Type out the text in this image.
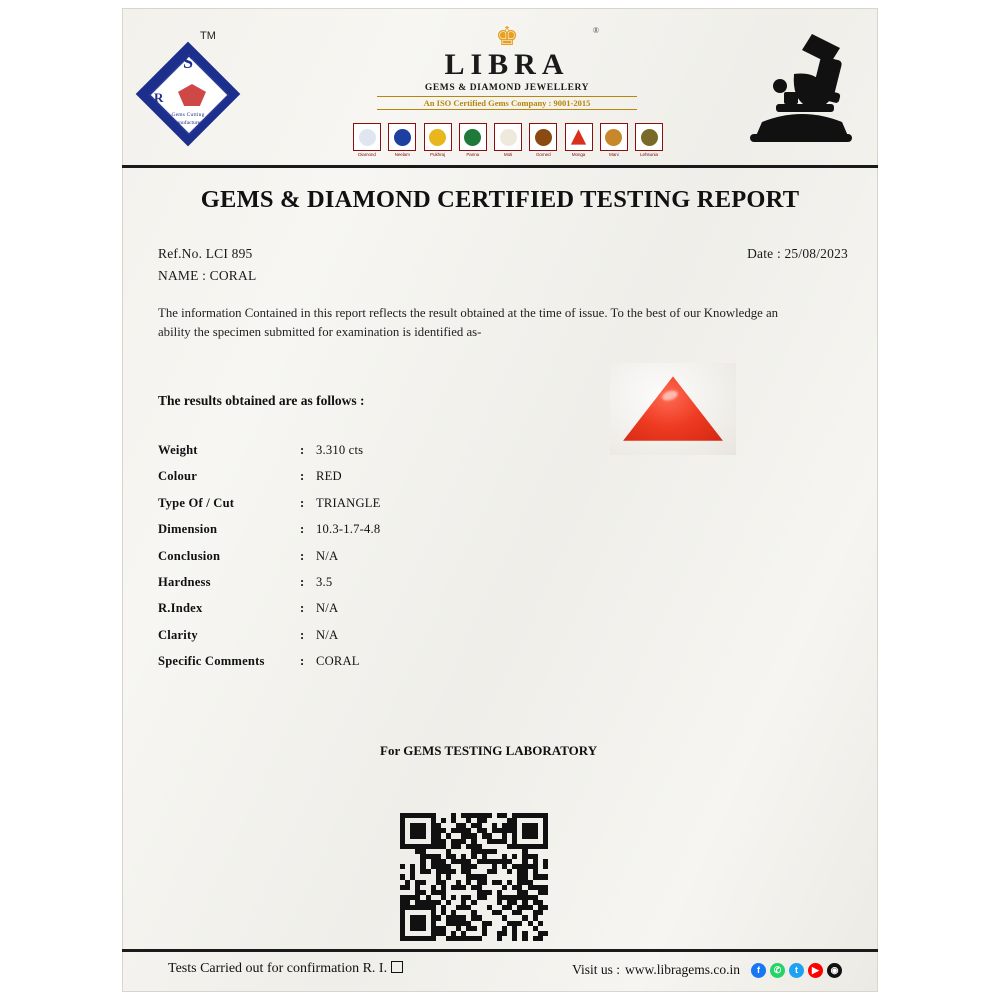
TM
S
R
Gems Cutting
Manufacturers
♚	®
LIBRA
GEMS & DIAMOND JEWELLERY
An ISO Certified Gems Company : 9001-2015
Diamond	Neelam	Pukhraj	Panna	Moti	Gomed	Monga	Mani	Lehsunia
GEMS & DIAMOND CERTIFIED TESTING REPORT
Ref.No. LCI 895	Date : 25/08/2023
NAME : CORAL
The information Contained in this report reflects the result obtained at the time of issue. To the best of our Knowledge an ability the specimen submitted for examination is identified as-
The results obtained are as follows :
Weight	: 3.310 cts
Colour	: RED
Type Of / Cut	: TRIANGLE
Dimension	: 10.3-1.7-4.8
Conclusion	: N/A
Hardness	: 3.5
R.Index	: N/A
Clarity	: N/A
Specific Comments	: CORAL
For GEMS TESTING LABORATORY
Tests Carried out for confirmation R. I.	Visit us : www.libragems.co.in	f	✆	t	▶	◉
